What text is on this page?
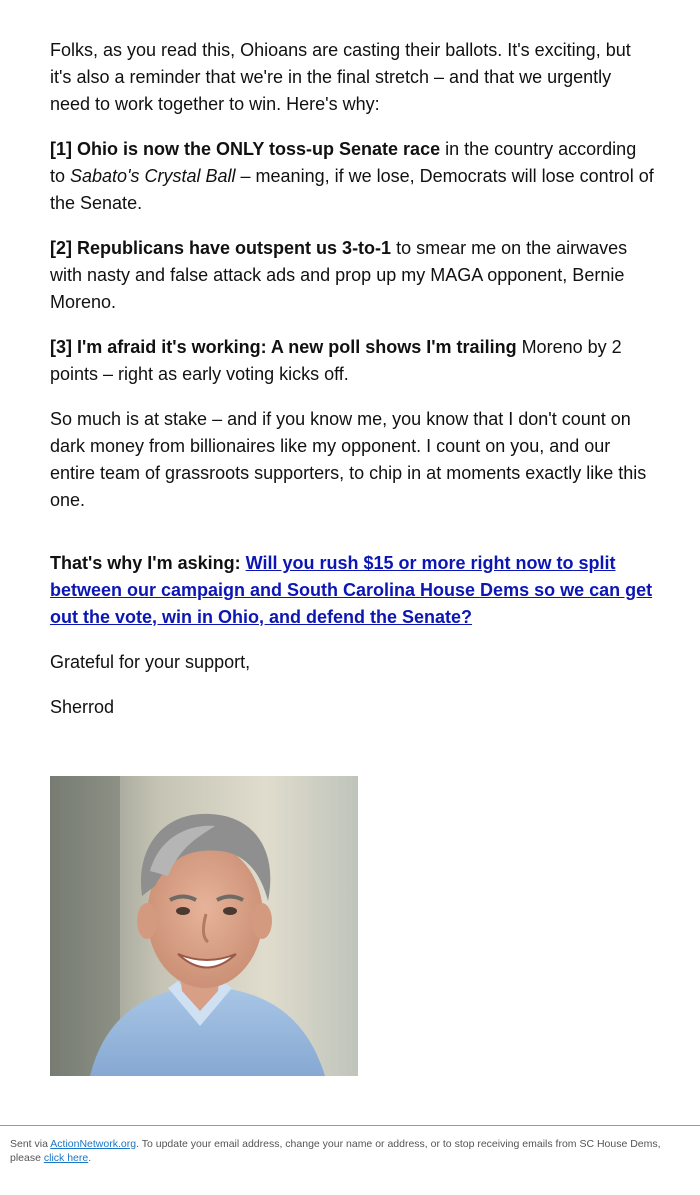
Folks, as you read this, Ohioans are casting their ballots. It's exciting, but it's also a reminder that we're in the final stretch – and that we urgently need to work together to win. Here's why:

[1] Ohio is now the ONLY toss-up Senate race in the country according to Sabato's Crystal Ball – meaning, if we lose, Democrats will lose control of the Senate.

[2] Republicans have outspent us 3-to-1 to smear me on the airwaves with nasty and false attack ads and prop up my MAGA opponent, Bernie Moreno.

[3] I'm afraid it's working: A new poll shows I'm trailing Moreno by 2 points – right as early voting kicks off.

So much is at stake – and if you know me, you know that I don't count on dark money from billionaires like my opponent. I count on you, and our entire team of grassroots supporters, to chip in at moments exactly like this one.

That's why I'm asking: Will you rush $15 or more right now to split between our campaign and South Carolina House Dems so we can get out the vote, win in Ohio, and defend the Senate?

Grateful for your support,

Sherrod

Sent via ActionNetwork.org. To update your email address, change your name or address, or to stop receiving emails from SC House Dems, please click here.
